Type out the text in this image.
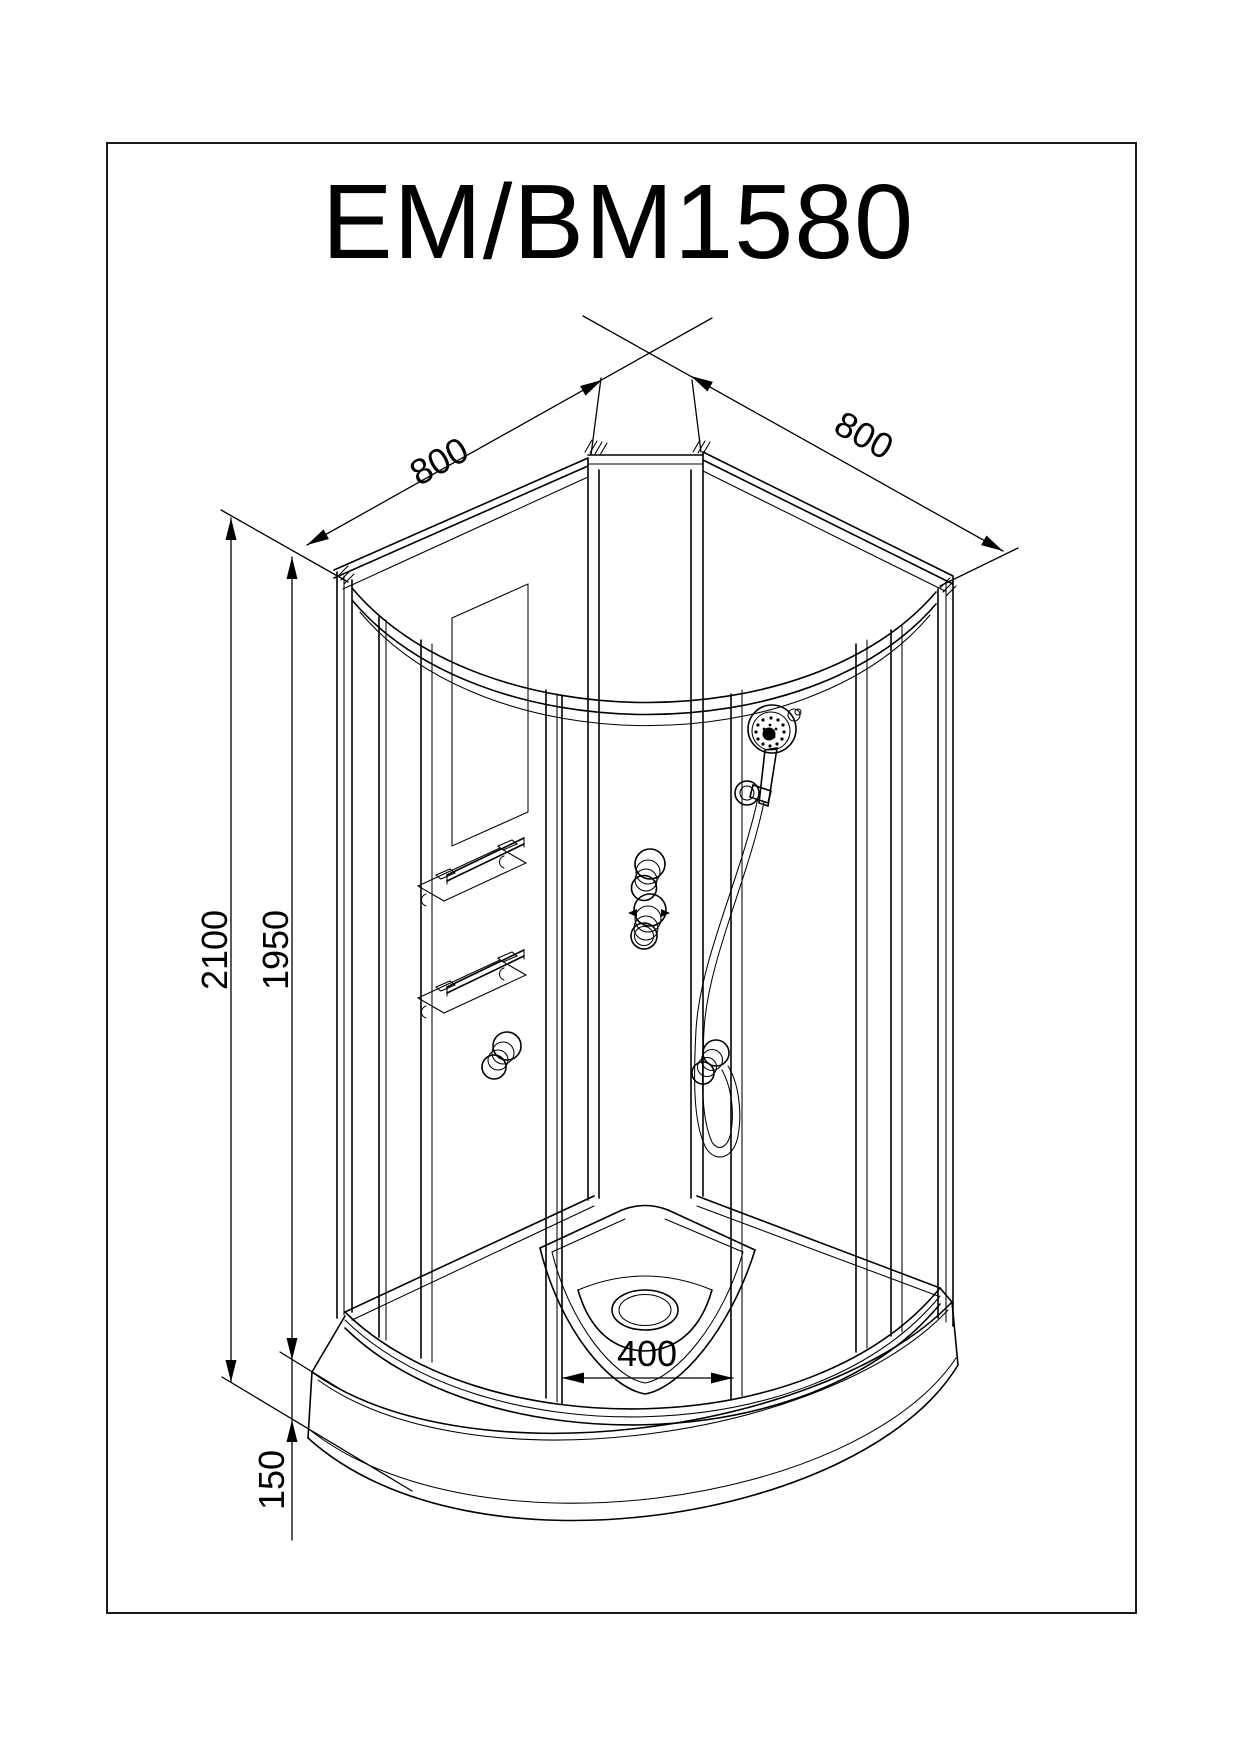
EM/BM1580
800	800
2100 1950
150
400
